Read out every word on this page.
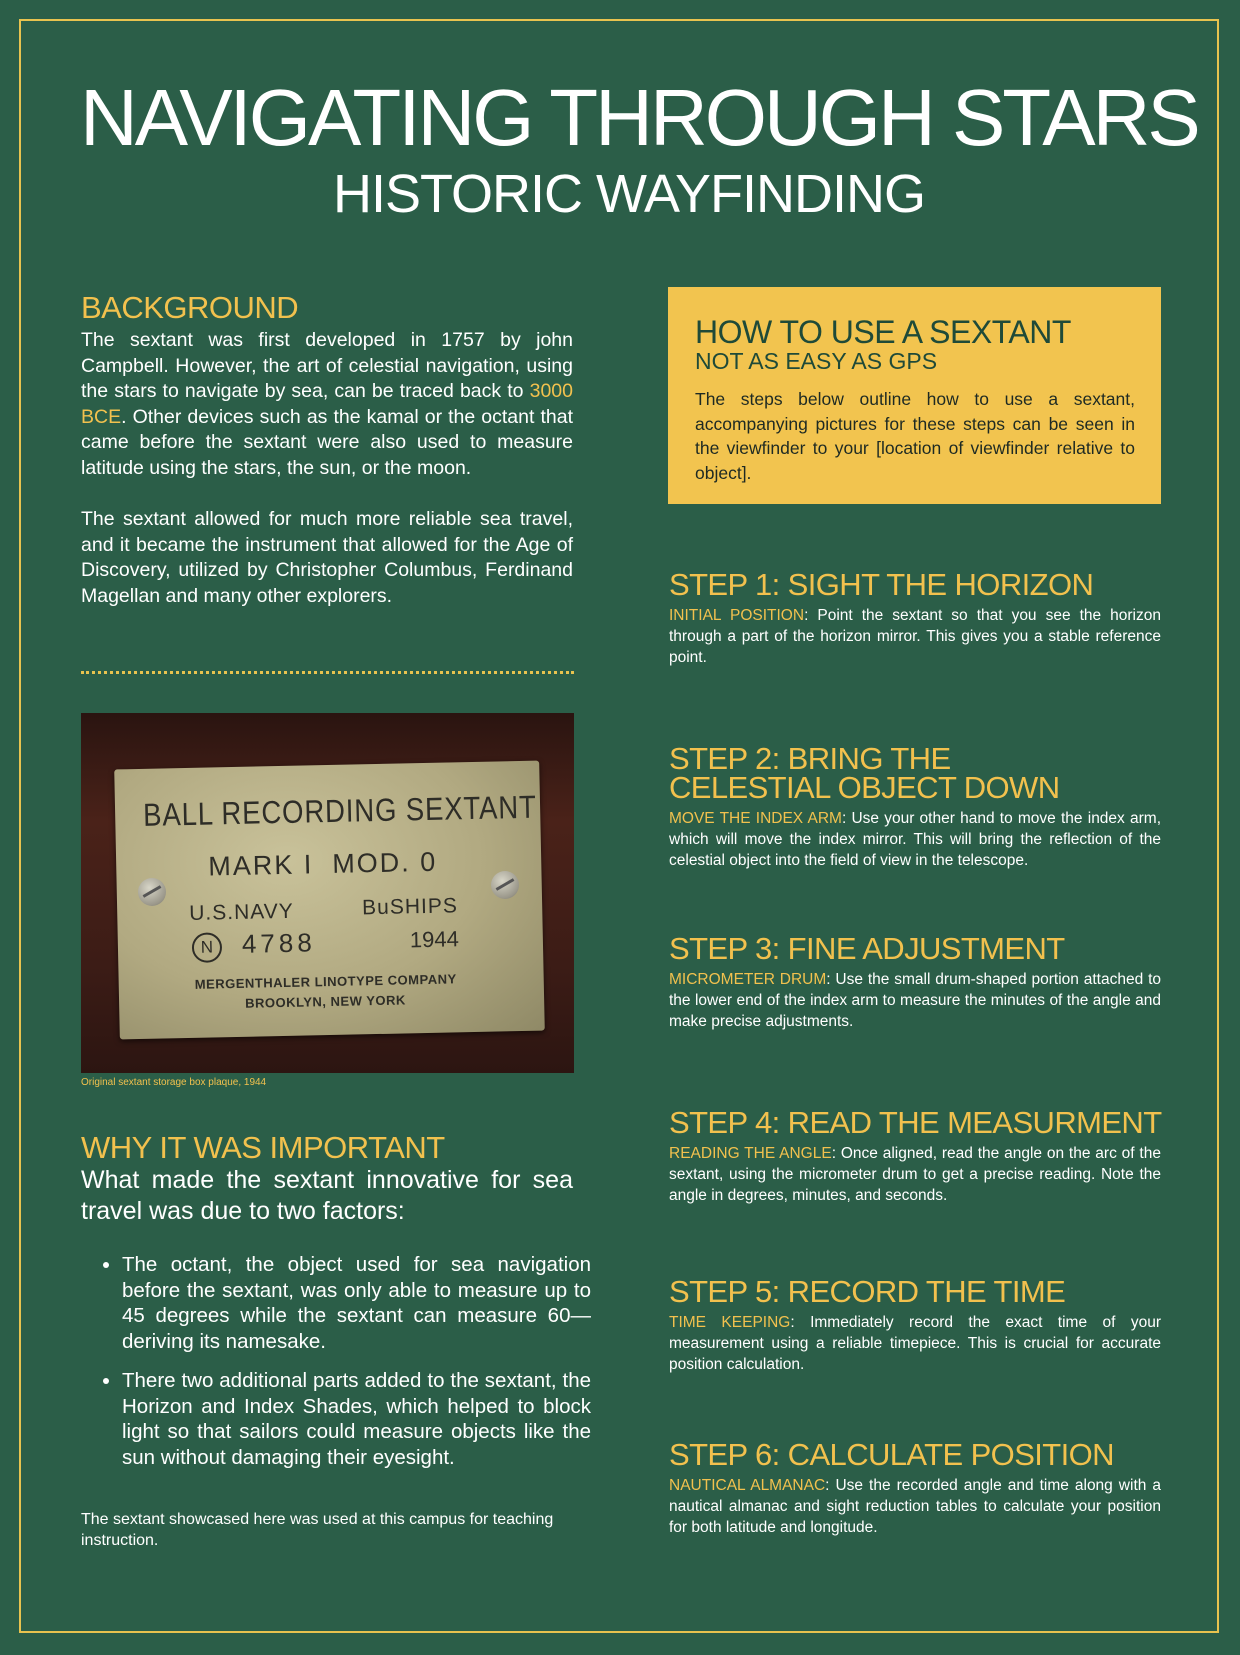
NAVIGATING THROUGH STARS
HISTORIC WAYFINDING
BACKGROUND

The sextant was first developed in 1757 by john Campbell. However, the art of celestial navigation, using the stars to navigate by sea, can be traced back to 3000 BCE. Other devices such as the kamal or the octant that came before the sextant were also used to measure latitude using the stars, the sun, or the moon.

The sextant allowed for much more reliable sea travel, and it became the instrument that allowed for the Age of Discovery, utilized by Christopher Columbus, Ferdinand Magellan and many other explorers.

BALL RECORDING SEXTANT

MARK I  MOD. 0

U.S.NAVY	BuSHIPS

N	4788	1944

MERGENTHALER LINOTYPE COMPANY

BROOKLYN, NEW YORK

Original sextant storage box plaque, 1944

WHY IT WAS IMPORTANT

What made the sextant innovative for sea travel was due to two factors:

• The octant, the object used for sea navigation before the sextant, was only able to measure up to 45 degrees while the sextant can measure 60—deriving its namesake.
• There two additional parts added to the sextant, the Horizon and Index Shades, which helped to block light so that sailors could measure objects like the sun without damaging their eyesight.

The sextant showcased here was used at this campus for teaching instruction.

HOW TO USE A SEXTANT

NOT AS EASY AS GPS

The steps below outline how to use a sextant, accompanying pictures for these steps can be seen in the viewfinder to your [location of viewfinder relative to object].

STEP 1: SIGHT THE HORIZON

INITIAL POSITION: Point the sextant so that you see the horizon through a part of the horizon mirror. This gives you a stable reference point.

STEP 2: BRING THE CELESTIAL OBJECT DOWN

MOVE THE INDEX ARM: Use your other hand to move the index arm, which will move the index mirror. This will bring the reflection of the celestial object into the field of view in the telescope.

STEP 3: FINE ADJUSTMENT

MICROMETER DRUM: Use the small drum-shaped portion attached to the lower end of the index arm to measure the minutes of the angle and make precise adjustments.

STEP 4: READ THE MEASURMENT

READING THE ANGLE: Once aligned, read the angle on the arc of the sextant, using the micrometer drum to get a precise reading. Note the angle in degrees, minutes, and seconds.

STEP 5: RECORD THE TIME

TIME KEEPING: Immediately record the exact time of your measurement using a reliable timepiece. This is crucial for accurate position calculation.

STEP 6: CALCULATE POSITION

NAUTICAL ALMANAC: Use the recorded angle and time along with a nautical almanac and sight reduction tables to calculate your position for both latitude and longitude.
